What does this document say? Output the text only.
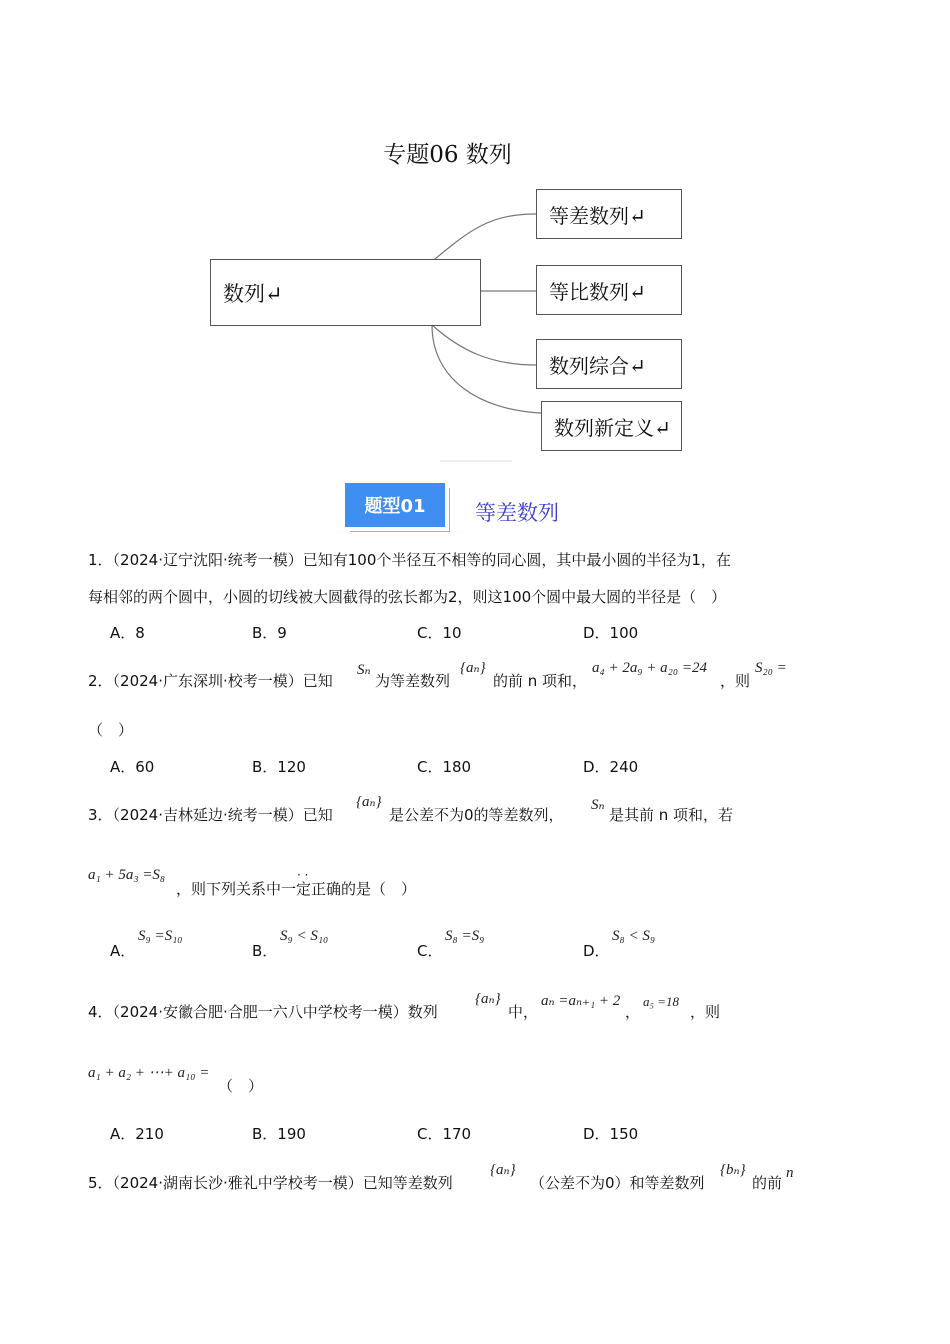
专题06 数列
数列↵
等差数列↵
等比数列↵
数列综合↵
数列新定义↵
题型01	等差数列
1．（2024·辽宁沈阳·统考一模）已知有100个半径互不相等的同心圆，其中最小圆的半径为1，在
每相邻的两个圆中，小圆的切线被大圆截得的弦长都为2，则这100个圆中最大圆的半径是（　）
A．8	B．9	C．10	D．100
2．（2024·广东深圳·校考一模）已知
Sₙ
为等差数列
{aₙ}
的前 n 项和，
a₄ + 2a₉ + a₂₀ =24
，则
S₂₀ =
（　）
A．60	B．120	C．180	D．240
3．（2024·吉林延边·统考一模）已知
{aₙ}
是公差不为0的等差数列，
Sₙ
是其前 n 项和，若
a₁ + 5a₃ =S₈	· ·
，则下列关系中一定正确的是（　）
A．
S₉ =S₁₀
B．
S₉ < S₁₀
C．
S₈ =S₉
D．
S₈ < S₉
4．（2024·安徽合肥·合肥一六八中学校考一模）数列
{aₙ}
中，
aₙ =aₙ₊₁ + 2
，
a₅ =18
，则
a₁ + a₂ + ⋯+ a₁₀ =
（　）
A．210	B．190	C．170	D．150
5．（2024·湖南长沙·雅礼中学校考一模）已知等差数列
{aₙ}
（公差不为0）和等差数列
{bₙ}
的前
n
